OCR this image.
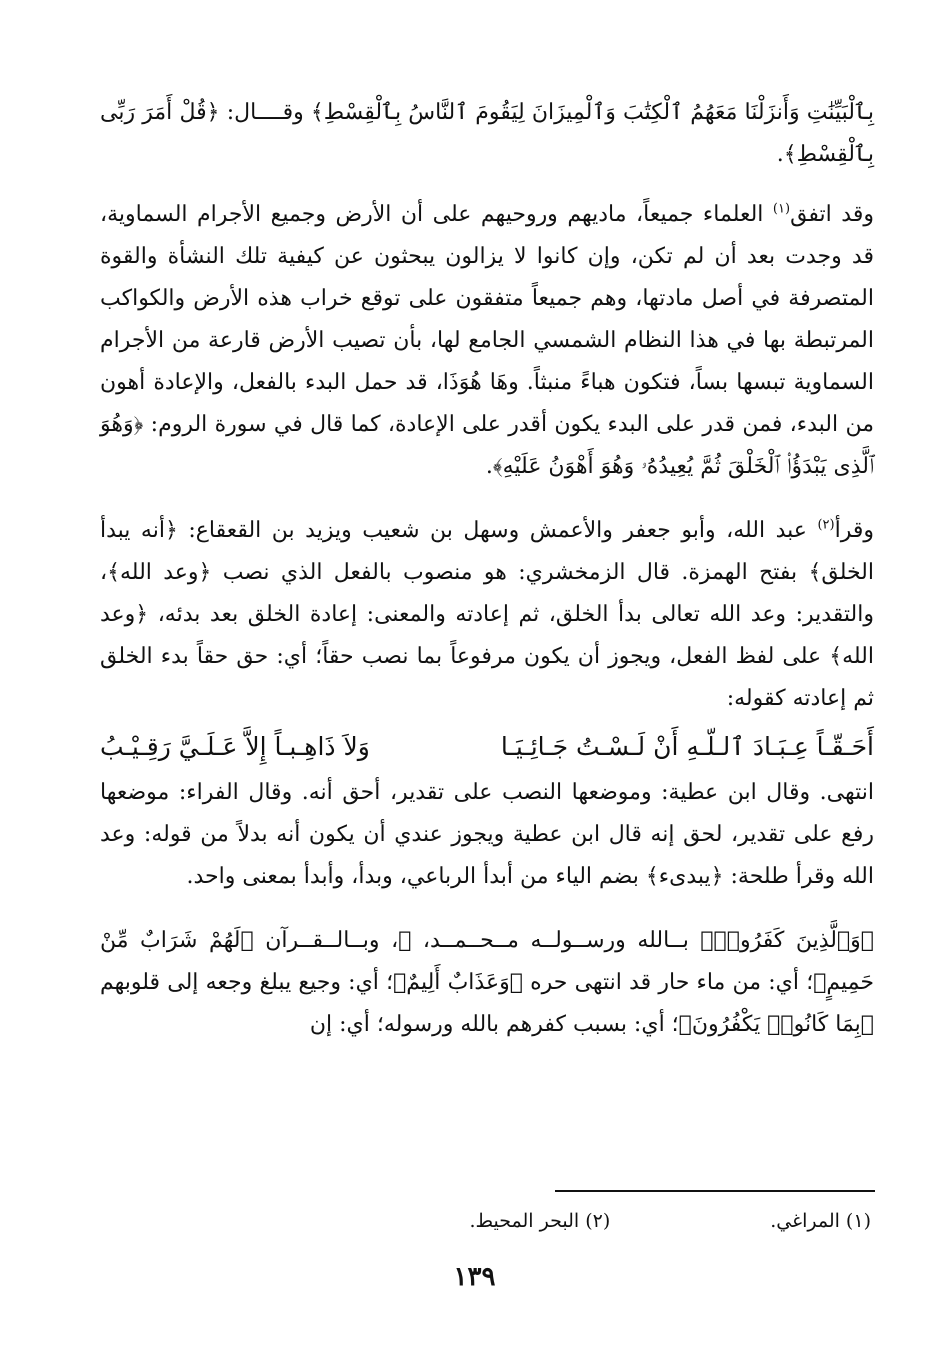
بِٱلْبَيِّنَٰتِ وَأَنزَلْنَا مَعَهُمُ ٱلْكِتَٰبَ وَٱلْمِيزَانَ لِيَقُومَ ٱلنَّاسُ بِٱلْقِسْطِ﴾ وقــــال: ﴿قُلْ أَمَرَ رَبِّى بِٱلْقِسْطِ﴾.

وقد اتفق$^{(١)}$ العلماء جميعاً، ماديهم وروحيهم على أن الأرض وجميع الأجرام السماوية، قد وجدت بعد أن لم تكن، وإن كانوا لا يزالون يبحثون عن كيفية تلك النشأة والقوة المتصرفة في أصل مادتها، وهم جميعاً متفقون على توقع خراب هذه الأرض والكواكب المرتبطة بها في هذا النظام الشمسي الجامع لها، بأن تصيب الأرض قارعة من الأجرام السماوية تبسها بساً، فتكون هباءً منبثاً. وهَا هُوَذَا، قد حمل البدء بالفعل، والإعادة أهون من البدء، فمن قدر على البدء يكون أقدر على الإعادة، كما قال في سورة الروم: ﴿وَهُوَ ٱلَّذِى يَبْدَؤُا۟ ٱلْخَلْقَ ثُمَّ يُعِيدُهُۥ وَهُوَ أَهْوَنُ عَلَيْهِ﴾.

وقرأ$^{(٢)}$ عبد الله، وأبو جعفر والأعمش وسهل بن شعيب ويزيد بن القعقاع: ﴿أنه يبدأ الخلق﴾ بفتح الهمزة. قال الزمخشري: هو منصوب بالفعل الذي نصب ﴿وعد الله﴾، والتقدير: وعد الله تعالى بدأ الخلق، ثم إعادته والمعنى: إعادة الخلق بعد بدئه، ﴿وعد الله﴾ على لفظ الفعل، ويجوز أن يكون مرفوعاً بما نصب حقاً؛ أي: حق حقاً بدء الخلق ثم إعادته كقوله:

أَحَـقّـاً عِـبَـادَ ٱلـلّـهِ أَنْ لَـسْـتُ جَـائِـيَـا
وَلاَ ذَاهِـبـاً إِلاَّ عَـلَـيَّ رَقِـيْـبُ

انتهى. وقال ابن عطية: وموضعها النصب على تقدير، أحق أنه. وقال الفراء: موضعها رفع على تقدير، لحق إنه قال ابن عطية ويجوز عندي أن يكون أنه بدلاً من قوله: وعد الله وقرأ طلحة: ﴿يبدىء﴾ بضم الياء من أبدأ الرباعي، وبدأ، وأبدأ بمعنى واحد.

﴿وَٱلَّذِينَ كَفَرُوا۟﴾ بــالله ورســولــه مــحــمــد، ﷺ، وبــالــقــرآن ﴿لَهُمْ شَرَابٌ مِّنْ حَمِيمٍ﴾؛ أي: من ماء حار قد انتهى حره ﴿وَعَذَابٌ أَلِيمٌ﴾؛ أي: وجيع يبلغ وجعه إلى قلوبهم ﴿بِمَا كَانُوا۟ يَكْفُرُونَ﴾؛ أي: بسبب كفرهم بالله ورسوله؛ أي: إن

(١) المراغي.
(٢) البحر المحيط.
١٣٩
